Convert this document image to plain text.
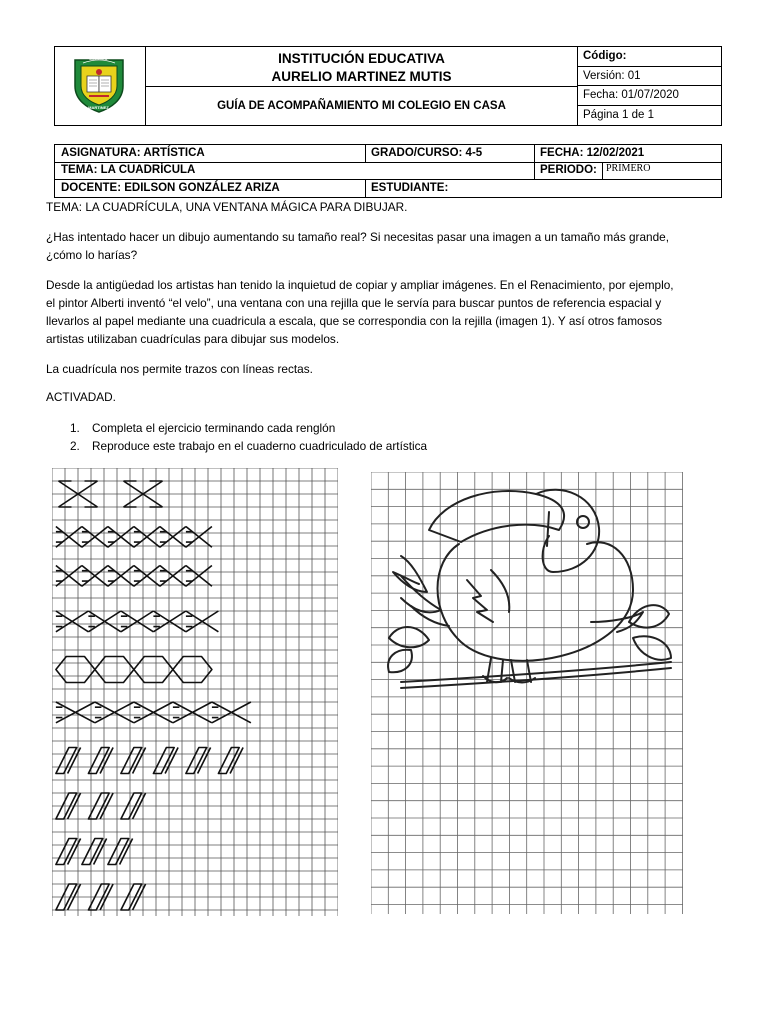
COLEGIO
A. MARTINEZ
INSTITUCIÓN EDUCATIVA
AURELIO MARTINEZ MUTIS
GUÍA DE ACOMPAÑAMIENTO MI COLEGIO EN CASA
Código:
Versión: 01
Fecha: 01/07/2020
Página 1 de 1
ASIGNATURA: ARTÍSTICA	GRADO/CURSO: 4-5	FECHA: 12/02/2021
TEMA: LA CUADRÍCULA	PERIODO: PRIMERO
DOCENTE: EDILSON GONZÁLEZ ARIZA	ESTUDIANTE:
TEMA: LA CUADRÍCULA, UNA VENTANA MÁGICA PARA DIBUJAR.
¿Has intentado hacer un dibujo aumentando su tamaño real? Si necesitas pasar una imagen a un tamaño más grande,
¿cómo lo harías?
Desde la antigüedad los artistas han tenido la inquietud de copiar y ampliar imágenes. En el Renacimiento, por ejemplo,
el pintor Alberti inventó “el velo”, una ventana con una rejilla que le servía para buscar puntos de referencia espacial y
llevarlos al papel mediante una cuadricula a escala, que se correspondia con la rejilla (imagen 1). Y así otros famosos
artistas utilizaban cuadrículas para dibujar sus modelos.
La cuadrícula nos permite trazos con líneas rectas.
ACTIVADAD.
1. Completa el ejercicio terminando cada renglón
2. Reproduce este trabajo en el cuaderno cuadriculado de artística
